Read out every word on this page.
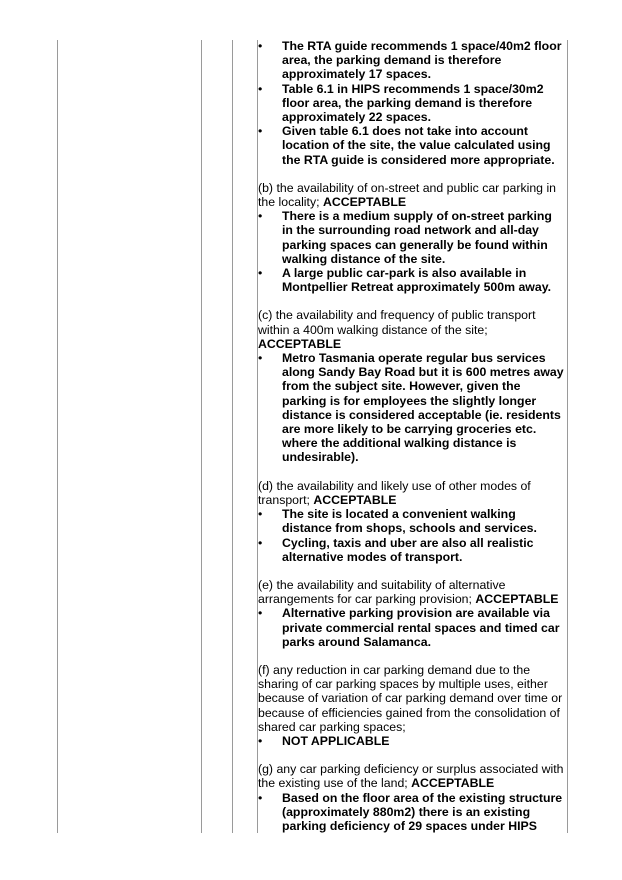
• The RTA guide recommends 1 space/40m2 floor area, the parking demand is therefore approximately 17 spaces.
• Table 6.1 in HIPS recommends 1 space/30m2 floor area, the parking demand is therefore approximately 22 spaces.
• Given table 6.1 does not take into account location of the site, the value calculated using the RTA guide is considered more appropriate.
(b) the availability of on-street and public car parking in the locality; ACCEPTABLE
• There is a medium supply of on-street parking in the surrounding road network and all-day parking spaces can generally be found within walking distance of the site.
• A large public car-park is also available in Montpellier Retreat approximately 500m away.
(c) the availability and frequency of public transport within a 400m walking distance of the site; ACCEPTABLE
• Metro Tasmania operate regular bus services along Sandy Bay Road but it is 600 metres away from the subject site. However, given the parking is for employees the slightly longer distance is considered acceptable (ie. residents are more likely to be carrying groceries etc. where the additional walking distance is undesirable).
(d) the availability and likely use of other modes of transport; ACCEPTABLE
• The site is located a convenient walking distance from shops, schools and services.
• Cycling, taxis and uber are also all realistic alternative modes of transport.
(e) the availability and suitability of alternative arrangements for car parking provision; ACCEPTABLE
• Alternative parking provision are available via private commercial rental spaces and timed car parks around Salamanca.
(f) any reduction in car parking demand due to the sharing of car parking spaces by multiple uses, either because of variation of car parking demand over time or because of efficiencies gained from the consolidation of shared car parking spaces;
• NOT APPLICABLE
(g) any car parking deficiency or surplus associated with the existing use of the land; ACCEPTABLE
• Based on the floor area of the existing structure (approximately 880m2) there is an existing parking deficiency of 29 spaces under HIPS
